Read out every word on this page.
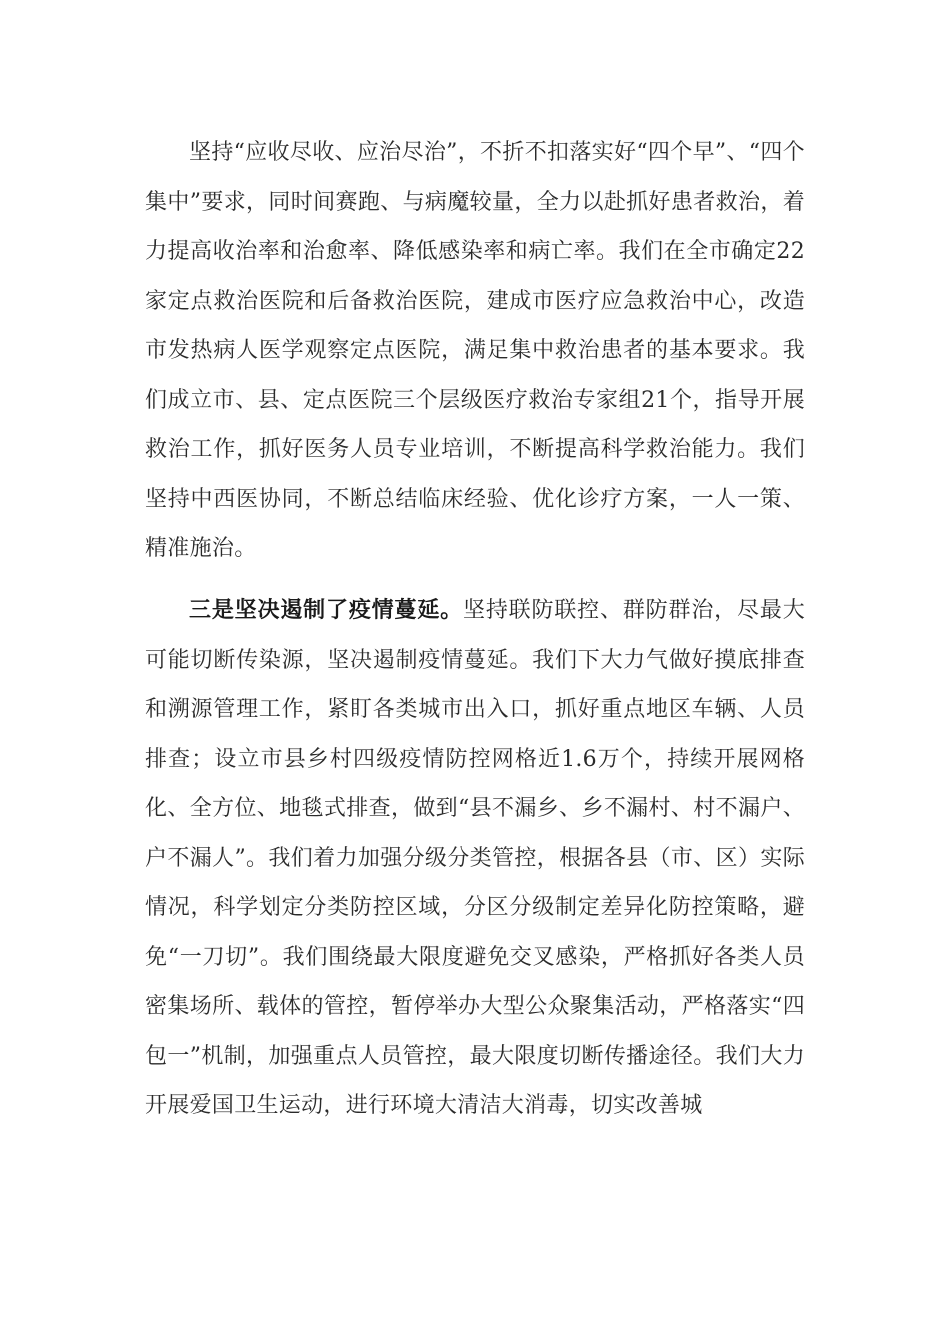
坚持“应收尽收、应治尽治”，不折不扣落实好“四个早”、“四个集中”要求，同时间赛跑、与病魔较量，全力以赴抓好患者救治，着力提高收治率和治愈率、降低感染率和病亡率。我们在全市确定22家定点救治医院和后备救治医院，建成市医疗应急救治中心，改造市发热病人医学观察定点医院，满足集中救治患者的基本要求。我们成立市、县、定点医院三个层级医疗救治专家组21个，指导开展救治工作，抓好医务人员专业培训，不断提高科学救治能力。我们坚持中西医协同，不断总结临床经验、优化诊疗方案，一人一策、精准施治。

三是坚决遏制了疫情蔓延。坚持联防联控、群防群治，尽最大可能切断传染源，坚决遏制疫情蔓延。我们下大力气做好摸底排查和溯源管理工作，紧盯各类城市出入口，抓好重点地区车辆、人员排查；设立市县乡村四级疫情防控网格近1.6万个，持续开展网格化、全方位、地毯式排查，做到“县不漏乡、乡不漏村、村不漏户、户不漏人”。我们着力加强分级分类管控，根据各县（市、区）实际情况，科学划定分类防控区域，分区分级制定差异化防控策略，避免“一刀切”。我们围绕最大限度避免交叉感染，严格抓好各类人员密集场所、载体的管控，暂停举办大型公众聚集活动，严格落实“四包一”机制，加强重点人员管控，最大限度切断传播途径。我们大力开展爱国卫生运动，进行环境大清洁大消毒，切实改善城
